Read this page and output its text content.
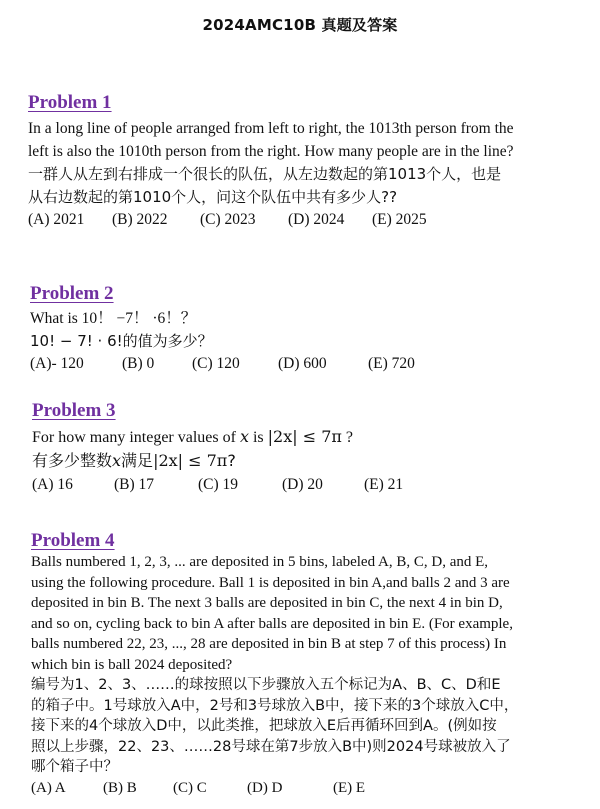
2024AMC10B 真题及答案
Problem 1
In a long line of people arranged from left to right, the 1013th person from the
left is also the 1010th person from the right. How many people are in the line?
一群人从左到右排成一个很长的队伍，从左边数起的第1013个人，也是
从右边数起的第1010个人，问这个队伍中共有多少人??
(A) 2021 (B) 2022 (C) 2023 (D) 2024 (E) 2025
Problem 2
What is 10！ −7！ ·6！？
10! − 7! · 6!的值为多少？
(A)- 120 (B) 0 (C) 120 (D) 600	(E) 720
Problem 3
For how many integer values of x is |2x| ≤ 7π ?
有多少整数x满足|2x| ≤ 7π?
(A) 16	(B) 17	(C) 19	(D) 20	(E) 21
Problem 4
Balls numbered 1, 2, 3, ... are deposited in 5 bins, labeled A, B, C, D, and E,
using the following procedure. Ball 1 is deposited in bin A,and balls 2 and 3 are
deposited in bin B. The next 3 balls are deposited in bin C, the next 4 in bin D,
and so on, cycling back to bin A after balls are deposited in bin E. (For example,
balls numbered 22, 23, ..., 28 are deposited in bin B at step 7 of this process) In
which bin is ball 2024 deposited?
编号为1、2、3、……的球按照以下步骤放入五个标记为A、B、C、D和E
的箱子中。1号球放入A中，2号和3号球放入B中，接下来的3个球放入C中，
接下来的4个球放入D中，以此类推，把球放入E后再循环回到A。(例如按
照以上步骤，22、23、……28号球在第7步放入B中)则2024号球被放入了
哪个箱子中？
(A) A (B) B (C) C	(D) D	(E) E
